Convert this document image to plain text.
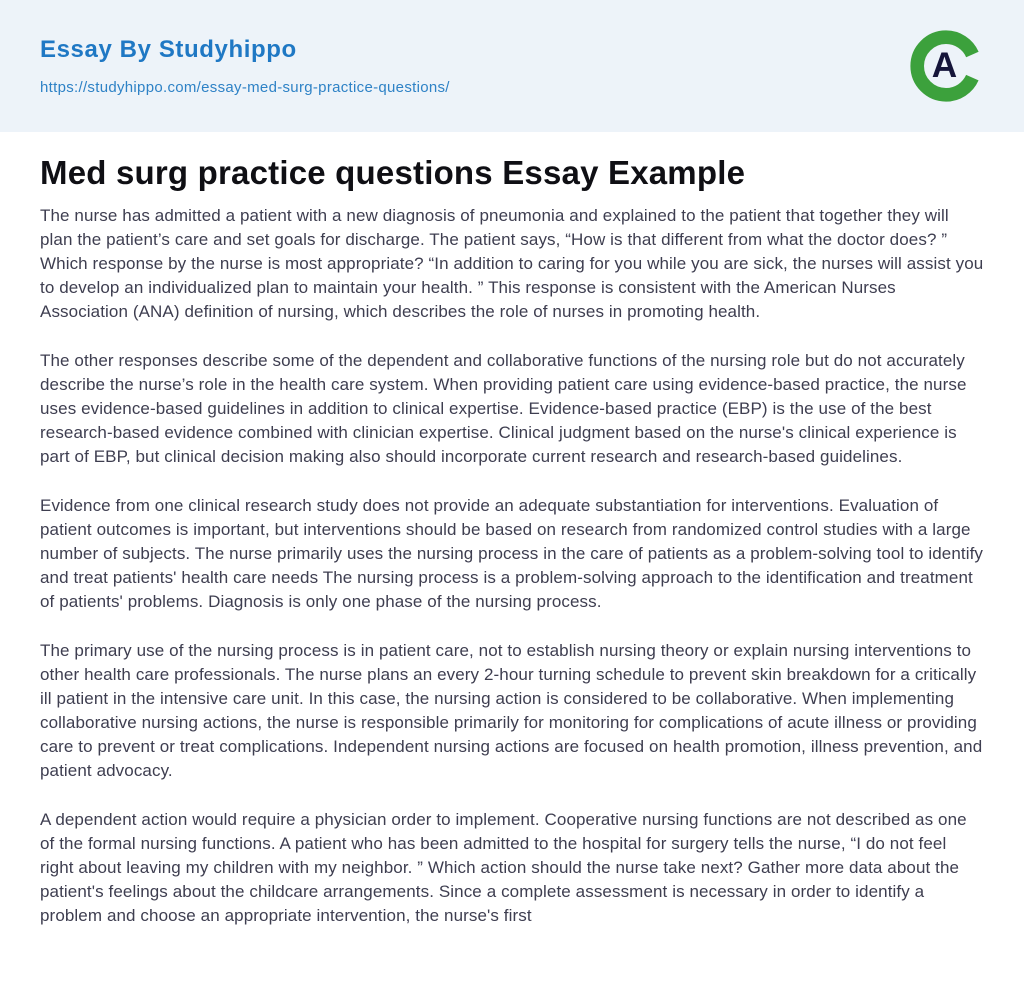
Essay By Studyhippo
https://studyhippo.com/essay-med-surg-practice-questions/
A
Med surg practice questions Essay Example

The nurse has admitted a patient with a new diagnosis of pneumonia and explained to the patient that together they will plan the patient’s care and set goals for discharge. The patient says, “How is that different from what the doctor does? ” Which response by the nurse is most appropriate? “In addition to caring for you while you are sick, the nurses will assist you to develop an individualized plan to maintain your health. ” This response is consistent with the American Nurses Association (ANA) definition of nursing, which describes the role of nurses in promoting health.

The other responses describe some of the dependent and collaborative functions of the nursing role but do not accurately describe the nurse’s role in the health care system. When providing patient care using evidence-based practice, the nurse uses evidence-based guidelines in addition to clinical expertise. Evidence-based practice (EBP) is the use of the best research-based evidence combined with clinician expertise. Clinical judgment based on the nurse's clinical experience is part of EBP, but clinical decision making also should incorporate current research and research-based guidelines.

Evidence from one clinical research study does not provide an adequate substantiation for interventions. Evaluation of patient outcomes is important, but interventions should be based on research from randomized control studies with a large number of subjects. The nurse primarily uses the nursing process in the care of patients as a problem-solving tool to identify and treat patients' health care needs The nursing process is a problem-solving approach to the identification and treatment of patients' problems. Diagnosis is only one phase of the nursing process.

The primary use of the nursing process is in patient care, not to establish nursing theory or explain nursing interventions to other health care professionals. The nurse plans an every 2-hour turning schedule to prevent skin breakdown for a critically ill patient in the intensive care unit. In this case, the nursing action is considered to be collaborative. When implementing collaborative nursing actions, the nurse is responsible primarily for monitoring for complications of acute illness or providing care to prevent or treat complications. Independent nursing actions are focused on health promotion, illness prevention, and patient advocacy.

A dependent action would require a physician order to implement. Cooperative nursing functions are not described as one of the formal nursing functions. A patient who has been admitted to the hospital for surgery tells the nurse, “I do not feel right about leaving my children with my neighbor. ” Which action should the nurse take next? Gather more data about the patient's feelings about the childcare arrangements. Since a complete assessment is necessary in order to identify a problem and choose an appropriate intervention, the nurse's first
